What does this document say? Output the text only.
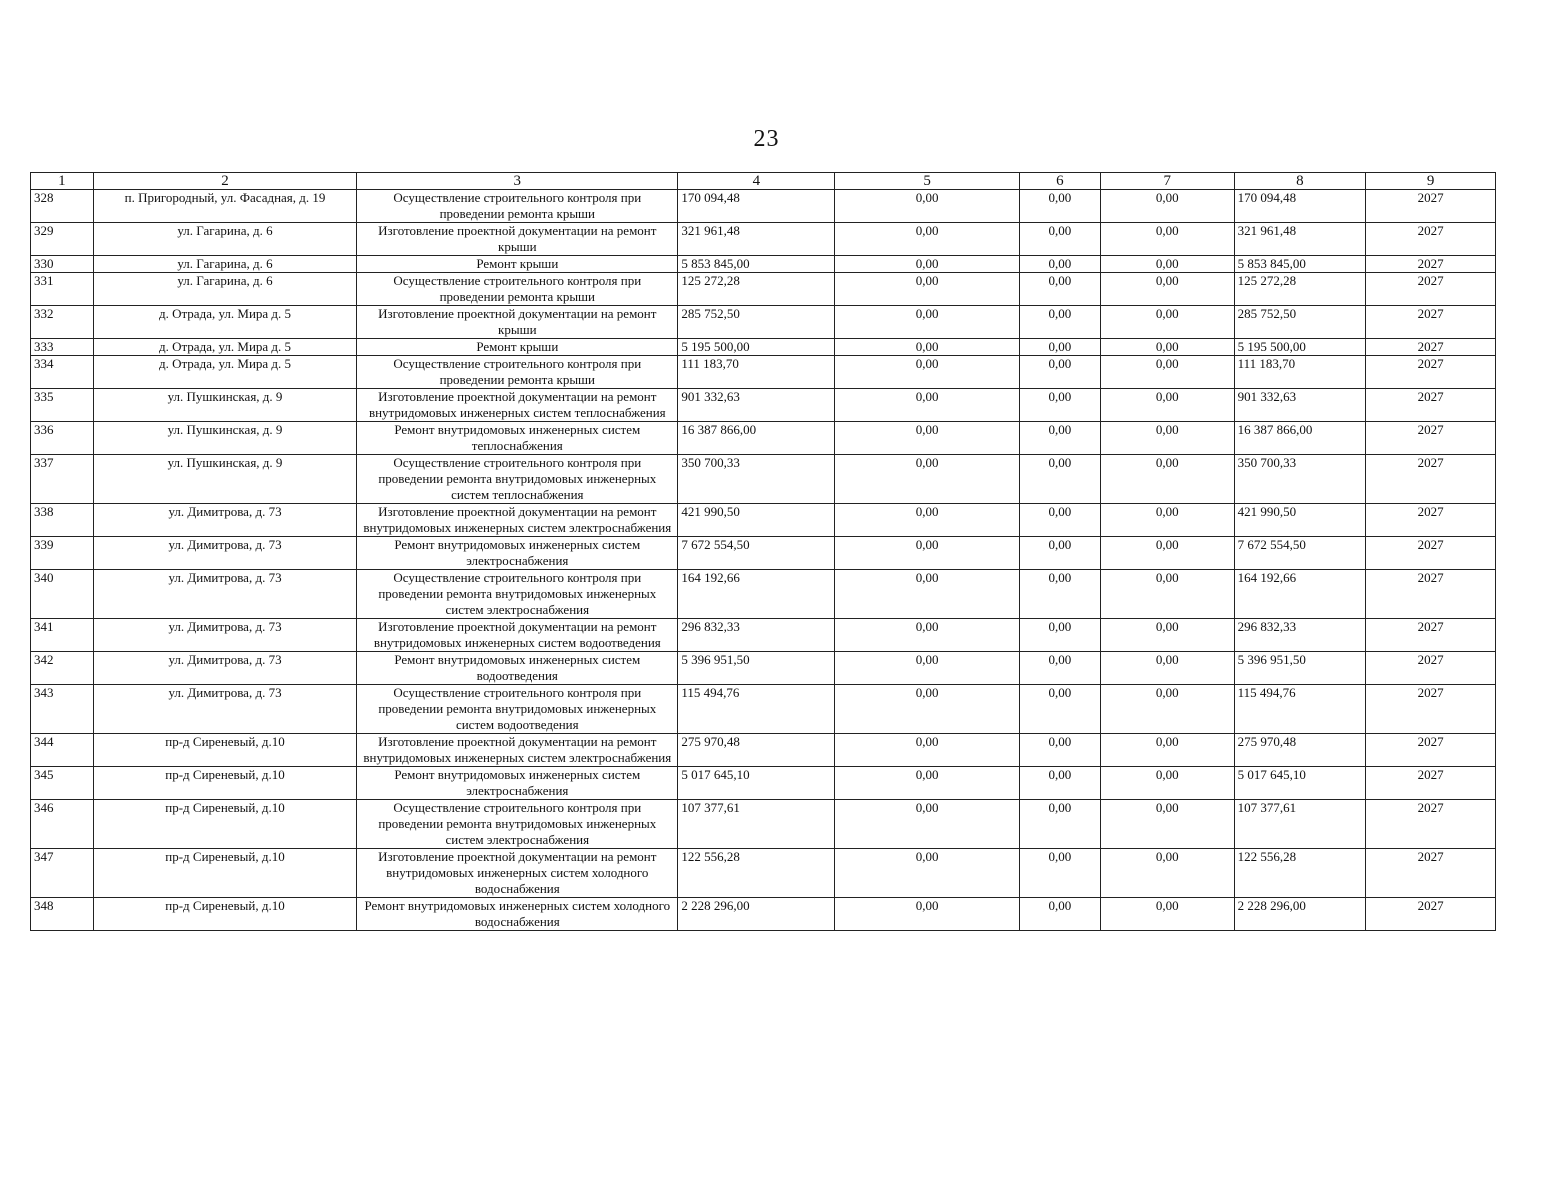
23
1	2	3	4	5	6	7	8	9
328	п. Пригородный, ул. Фасадная, д. 19	Осуществление строительного контроля при проведении ремонта крыши	170 094,48	0,00	0,00	0,00	170 094,48	2027
329	ул. Гагарина, д. 6	Изготовление проектной документации на ремонт крыши	321 961,48	0,00	0,00	0,00	321 961,48	2027
330	ул. Гагарина, д. 6	Ремонт крыши	5 853 845,00	0,00	0,00	0,00	5 853 845,00	2027
331	ул. Гагарина, д. 6	Осуществление строительного контроля при проведении ремонта крыши	125 272,28	0,00	0,00	0,00	125 272,28	2027
332	д. Отрада, ул. Мира д. 5	Изготовление проектной документации на ремонт крыши	285 752,50	0,00	0,00	0,00	285 752,50	2027
333	д. Отрада, ул. Мира д. 5	Ремонт крыши	5 195 500,00	0,00	0,00	0,00	5 195 500,00	2027
334	д. Отрада, ул. Мира д. 5	Осуществление строительного контроля при проведении ремонта крыши	111 183,70	0,00	0,00	0,00	111 183,70	2027
335	ул. Пушкинская, д. 9	Изготовление проектной документации на ремонт внутридомовых инженерных систем теплоснабжения	901 332,63	0,00	0,00	0,00	901 332,63	2027
336	ул. Пушкинская, д. 9	Ремонт внутридомовых инженерных систем теплоснабжения	16 387 866,00	0,00	0,00	0,00	16 387 866,00	2027
337	ул. Пушкинская, д. 9	Осуществление строительного контроля при проведении ремонта внутридомовых инженерных систем теплоснабжения	350 700,33	0,00	0,00	0,00	350 700,33	2027
338	ул. Димитрова, д. 73	Изготовление проектной документации на ремонт внутридомовых инженерных систем электроснабжения	421 990,50	0,00	0,00	0,00	421 990,50	2027
339	ул. Димитрова, д. 73	Ремонт внутридомовых инженерных систем электроснабжения	7 672 554,50	0,00	0,00	0,00	7 672 554,50	2027
340	ул. Димитрова, д. 73	Осуществление строительного контроля при проведении ремонта внутридомовых инженерных систем электроснабжения	164 192,66	0,00	0,00	0,00	164 192,66	2027
341	ул. Димитрова, д. 73	Изготовление проектной документации на ремонт внутридомовых инженерных систем водоотведения	296 832,33	0,00	0,00	0,00	296 832,33	2027
342	ул. Димитрова, д. 73	Ремонт внутридомовых инженерных систем водоотведения	5 396 951,50	0,00	0,00	0,00	5 396 951,50	2027
343	ул. Димитрова, д. 73	Осуществление строительного контроля при проведении ремонта внутридомовых инженерных систем водоотведения	115 494,76	0,00	0,00	0,00	115 494,76	2027
344	пр-д Сиреневый, д.10	Изготовление проектной документации на ремонт внутридомовых инженерных систем электроснабжения	275 970,48	0,00	0,00	0,00	275 970,48	2027
345	пр-д Сиреневый, д.10	Ремонт внутридомовых инженерных систем электроснабжения	5 017 645,10	0,00	0,00	0,00	5 017 645,10	2027
346	пр-д Сиреневый, д.10	Осуществление строительного контроля при проведении ремонта внутридомовых инженерных систем электроснабжения	107 377,61	0,00	0,00	0,00	107 377,61	2027
347	пр-д Сиреневый, д.10	Изготовление проектной документации на ремонт внутридомовых инженерных систем холодного водоснабжения	122 556,28	0,00	0,00	0,00	122 556,28	2027
348	пр-д Сиреневый, д.10	Ремонт внутридомовых инженерных систем холодного водоснабжения	2 228 296,00	0,00	0,00	0,00	2 228 296,00	2027
